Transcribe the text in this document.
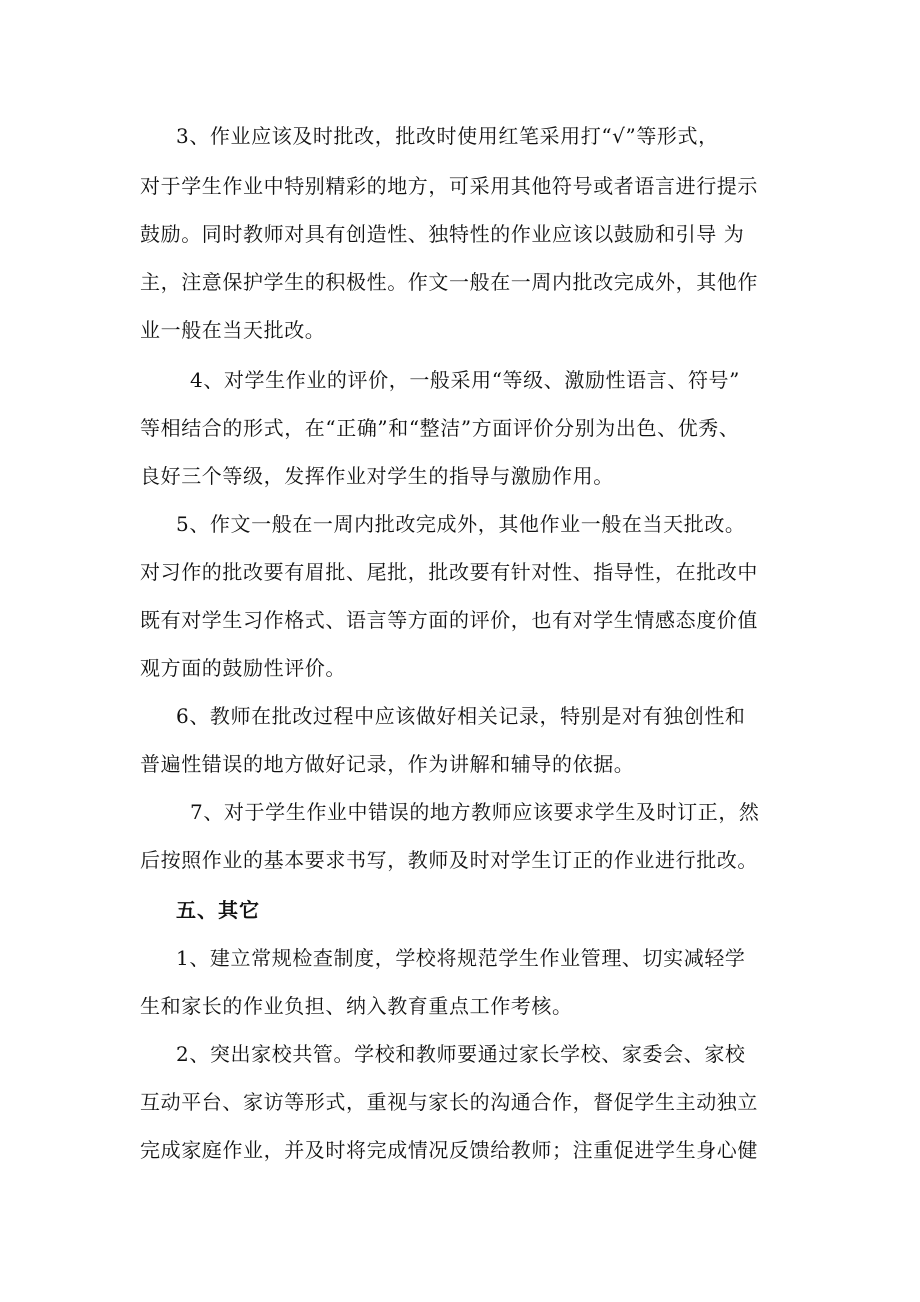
3、作业应该及时批改，批改时使用红笔采用打“√”等形式，
对于学生作业中特别精彩的地方，可采用其他符号或者语言进行提示
鼓励。同时教师对具有创造性、独特性的作业应该以鼓励和引导 为
主，注意保护学生的积极性。作文一般在一周内批改完成外，其他作
业一般在当天批改。
4、对学生作业的评价，一般采用“等级、激励性语言、符号”
等相结合的形式，在“正确”和“整洁”方面评价分别为出色、优秀、
良好三个等级，发挥作业对学生的指导与激励作用。
5、作文一般在一周内批改完成外，其他作业一般在当天批改。
对习作的批改要有眉批、尾批，批改要有针对性、指导性，在批改中
既有对学生习作格式、语言等方面的评价，也有对学生情感态度价值
观方面的鼓励性评价。
6、教师在批改过程中应该做好相关记录，特别是对有独创性和
普遍性错误的地方做好记录，作为讲解和辅导的依据。
7、对于学生作业中错误的地方教师应该要求学生及时订正，然
后按照作业的基本要求书写，教师及时对学生订正的作业进行批改。
五、其它
1、建立常规检查制度，学校将规范学生作业管理、切实减轻学
生和家长的作业负担、纳入教育重点工作考核。
2、突出家校共管。学校和教师要通过家长学校、家委会、家校
互动平台、家访等形式，重视与家长的沟通合作，督促学生主动独立
完成家庭作业，并及时将完成情况反馈给教师；注重促进学生身心健
